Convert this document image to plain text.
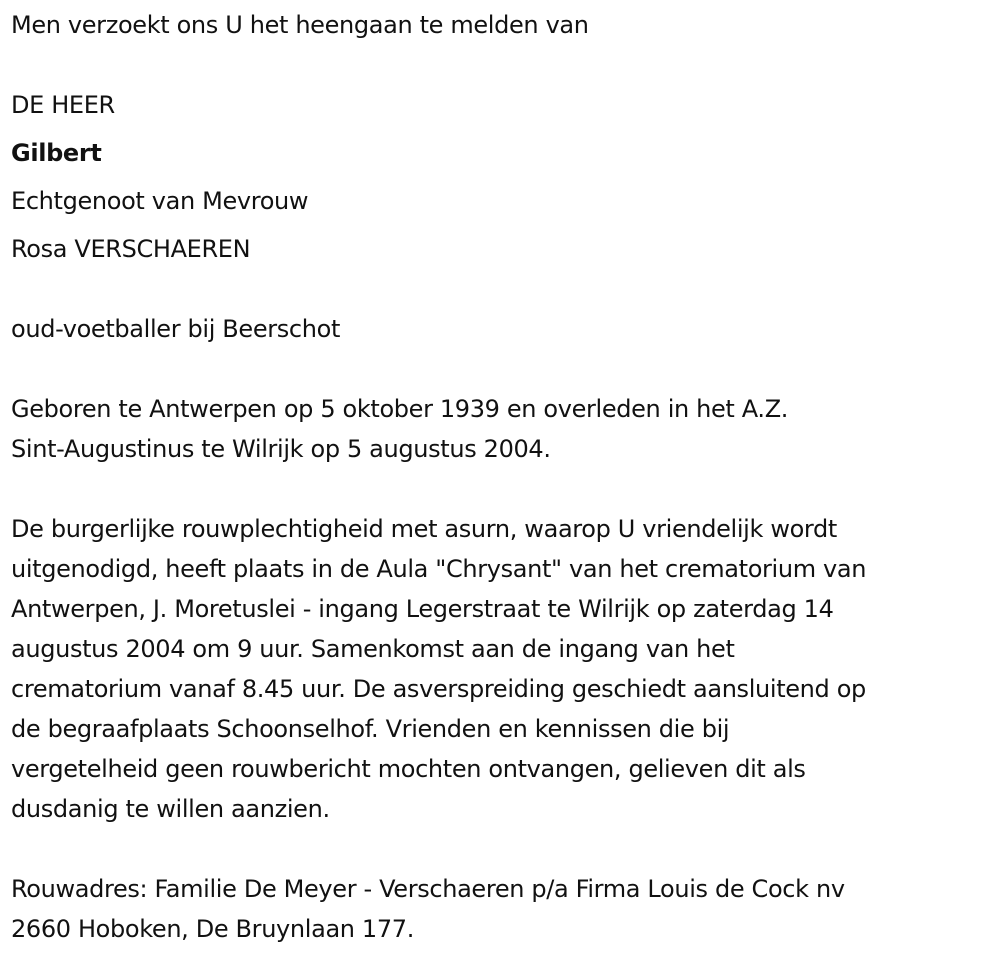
Men verzoekt ons U het heengaan te melden van
DE HEER
Gilbert
Echtgenoot van Mevrouw
Rosa VERSCHAEREN
oud-voetballer bij Beerschot
Geboren te Antwerpen op 5 oktober 1939 en overleden in het A.Z.
Sint-Augustinus te Wilrijk op 5 augustus 2004.
De burgerlijke rouwplechtigheid met asurn, waarop U vriendelijk wordt
uitgenodigd, heeft plaats in de Aula "Chrysant" van het crematorium van
Antwerpen, J. Moretuslei - ingang Legerstraat te Wilrijk op zaterdag 14
augustus 2004 om 9 uur. Samenkomst aan de ingang van het
crematorium vanaf 8.45 uur. De asverspreiding geschiedt aansluitend op
de begraafplaats Schoonselhof. Vrienden en kennissen die bij
vergetelheid geen rouwbericht mochten ontvangen, gelieven dit als
dusdanig te willen aanzien.
Rouwadres: Familie De Meyer - Verschaeren p/a Firma Louis de Cock nv
2660 Hoboken, De Bruynlaan 177.
